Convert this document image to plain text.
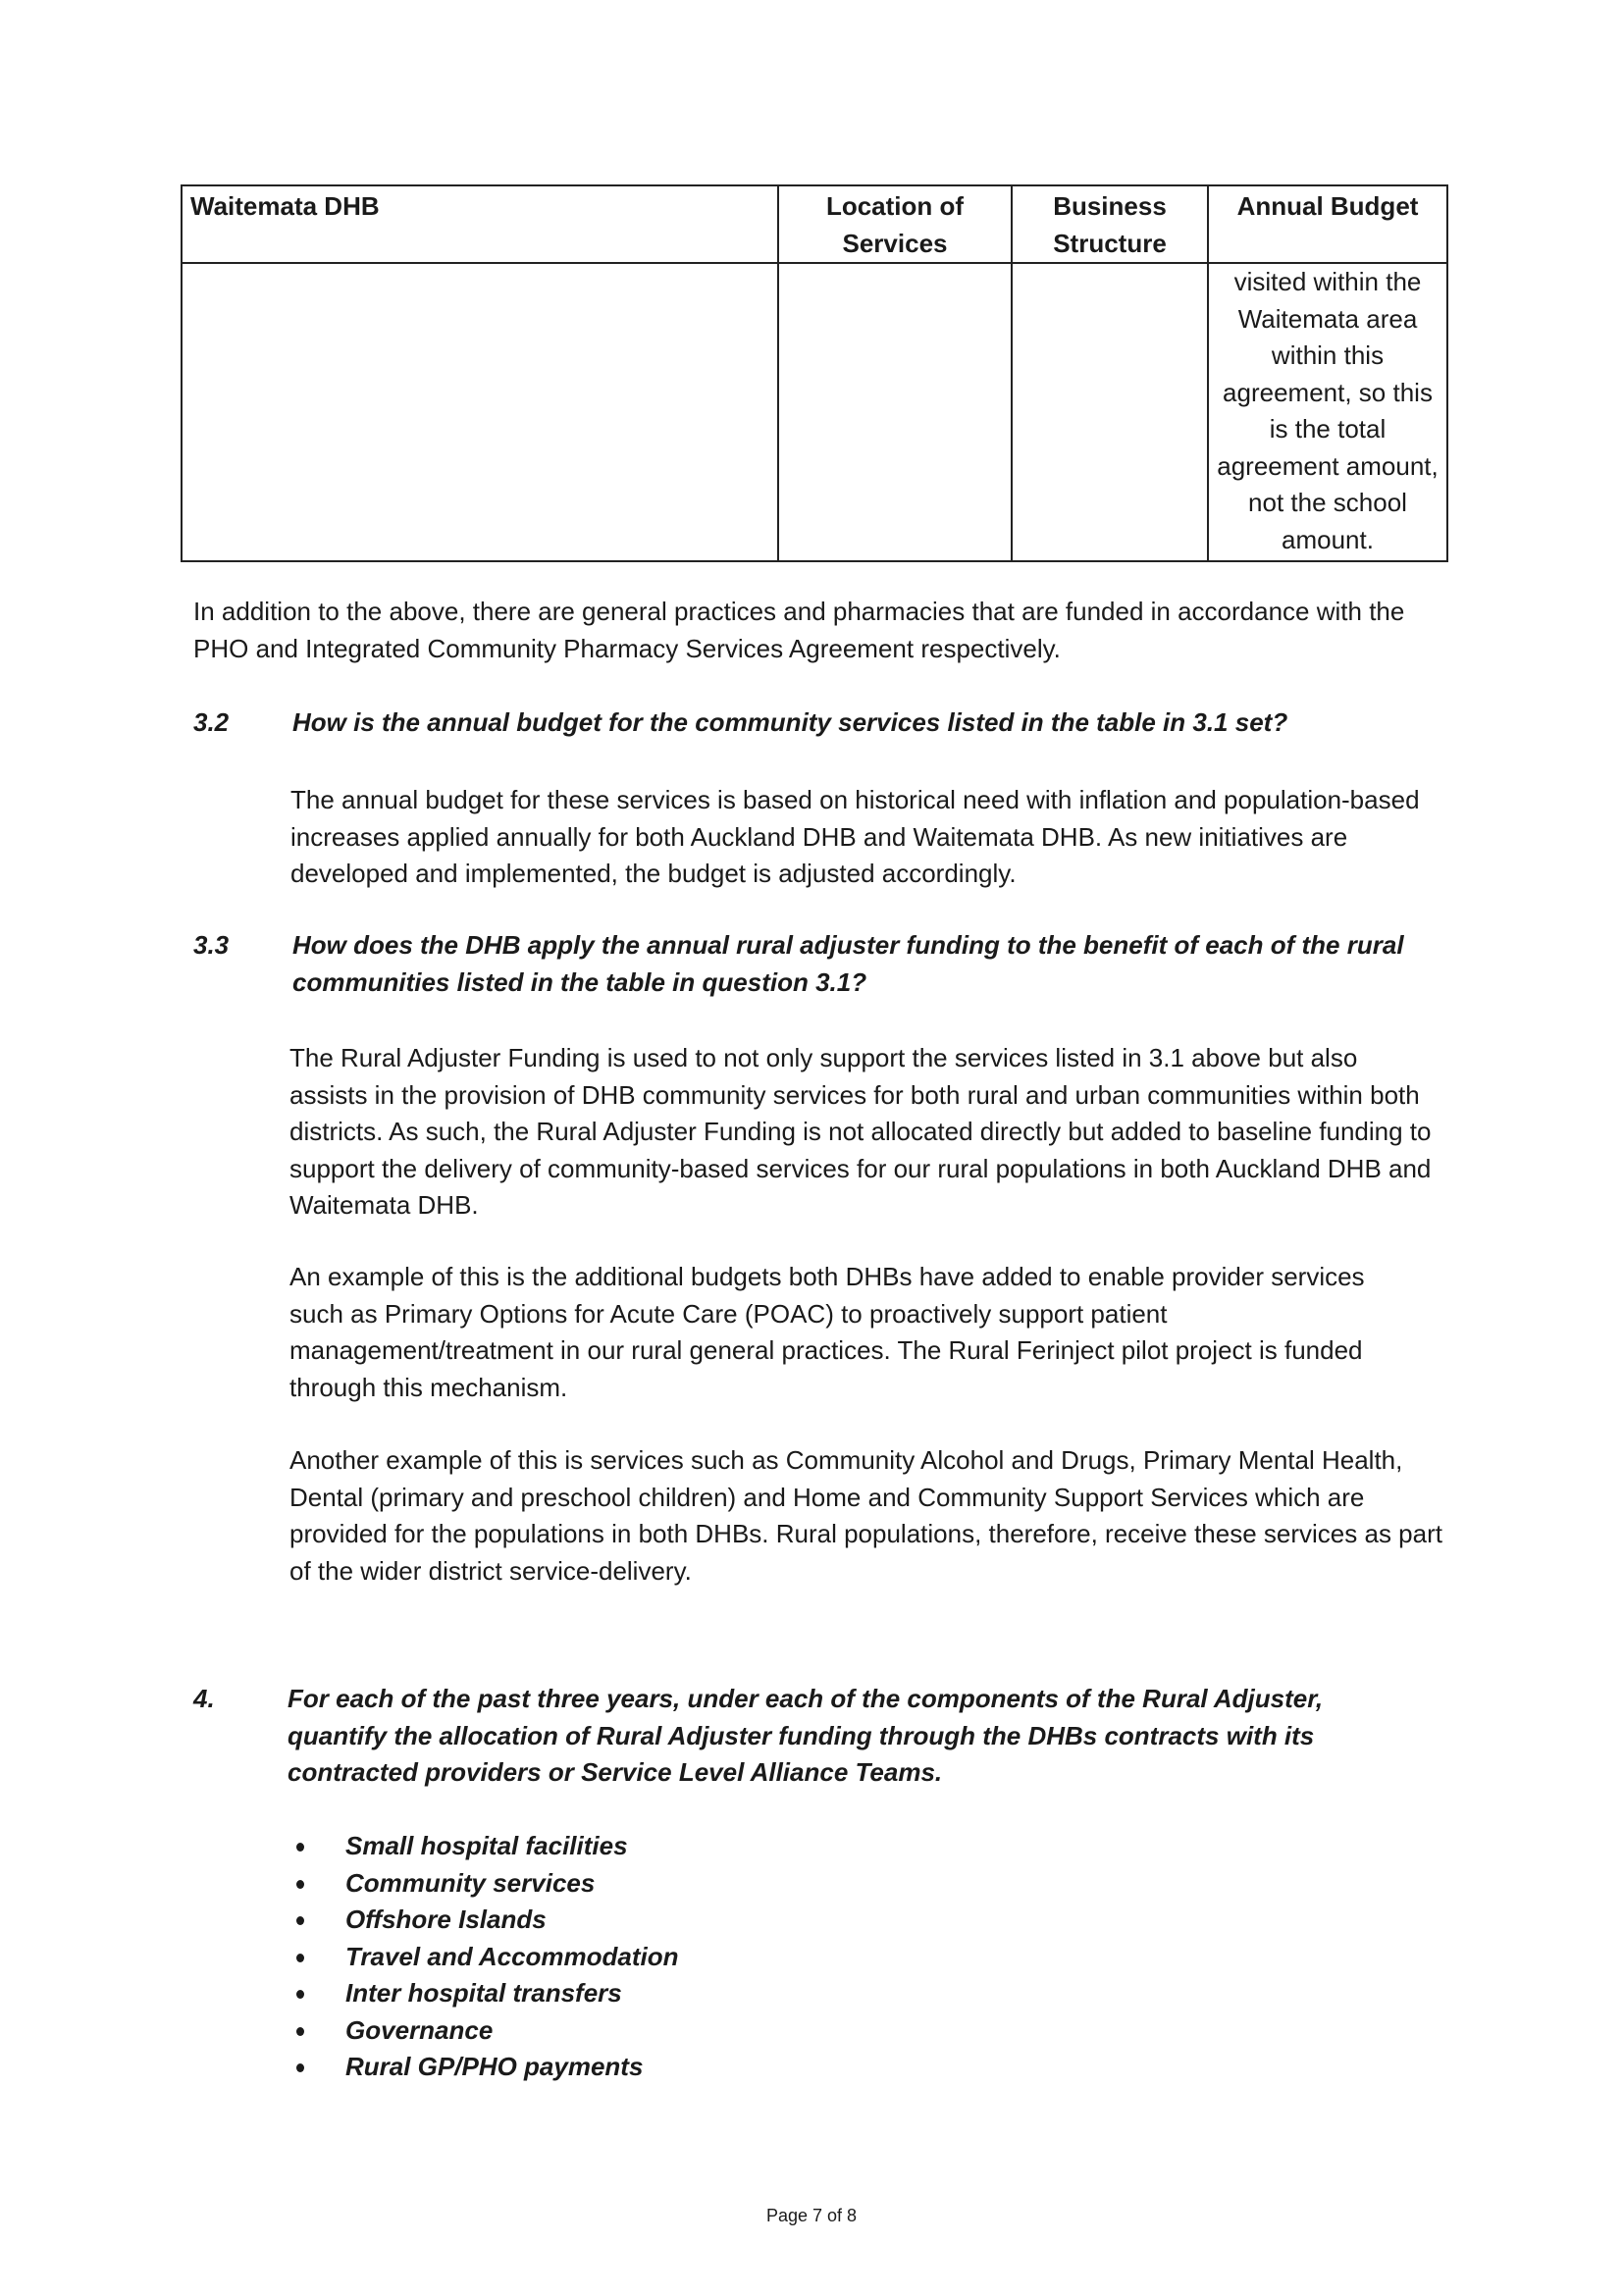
Waitemata DHB	Location of Services	Business Structure	Annual Budget
			visited within the Waitemata area within this agreement, so this is the total agreement amount, not the school amount.
In addition to the above, there are general practices and pharmacies that are funded in accordance with the PHO and Integrated Community Pharmacy Services Agreement respectively.
3.2 How is the annual budget for the community services listed in the table in 3.1 set?
The annual budget for these services is based on historical need with inflation and population-based increases applied annually for both Auckland DHB and Waitemata DHB. As new initiatives are developed and implemented, the budget is adjusted accordingly.
3.3 How does the DHB apply the annual rural adjuster funding to the benefit of each of the rural communities listed in the table in question 3.1?
The Rural Adjuster Funding is used to not only support the services listed in 3.1 above but also assists in the provision of DHB community services for both rural and urban communities within both districts. As such, the Rural Adjuster Funding is not allocated directly but added to baseline funding to support the delivery of community-based services for our rural populations in both Auckland DHB and Waitemata DHB.
An example of this is the additional budgets both DHBs have added to enable provider services such as Primary Options for Acute Care (POAC) to proactively support patient management/treatment in our rural general practices. The Rural Ferinject pilot project is funded through this mechanism.
Another example of this is services such as Community Alcohol and Drugs, Primary Mental Health, Dental (primary and preschool children) and Home and Community Support Services which are provided for the populations in both DHBs. Rural populations, therefore, receive these services as part of the wider district service-delivery.
4.	For each of the past three years, under each of the components of the Rural Adjuster, quantify the allocation of Rural Adjuster funding through the DHBs contracts with its contracted providers or Service Level Alliance Teams.
Small hospital facilities
Community services
Offshore Islands
Travel and Accommodation
Inter hospital transfers
Governance
Rural GP/PHO payments
Page 7 of 8
